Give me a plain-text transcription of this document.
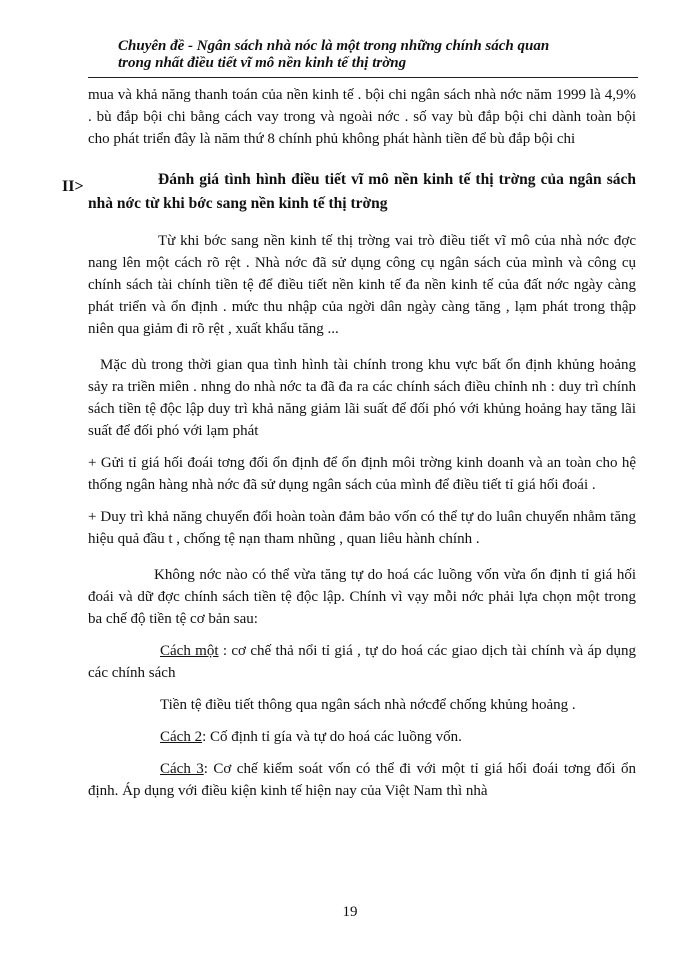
Chuyên đề - Ngân sách nhà nóc là một trong những chính sách quan
trong nhất điều tiết vĩ mô nền kinh tế thị trờng
II>

mua và khả năng thanh toán của nền kinh tế . bội chi ngân sách nhà nớc năm 1999 là 4,9% . bù đắp bội chi bằng cách vay trong và ngoài nớc . số vay bù đắp bội chi dành toàn bội cho phát triển đây là năm thứ 8 chính phủ không phát hành tiền để bù đắp bội chi

Đánh giá tình hình điều tiết vĩ mô nền kinh tế thị trờng của ngân sách nhà nớc từ khi bớc sang nền kinh tế thị trờng

Từ khi bớc sang nền kinh tế thị trờng vai trò điều tiết vĩ mô của nhà nớc đợc nang lên một cách rõ rệt . Nhà nớc đã sử dụng công cụ ngân sách của mình và công cụ chính sách tài chính tiền tệ để điều tiết nền kinh tế đa nền kinh tế của đất nớc ngày càng phát triển và ổn định . mức thu nhập của ngời dân ngày càng tăng , lạm phát trong thập niên qua giảm đi rõ rệt , xuất khẩu tăng ...

Mặc dù trong thời gian qua tình hình tài chính trong khu vực bất ổn định khủng hoảng sảy ra triền miên . nhng do nhà nớc ta đã đa ra các chính sách điều chỉnh nh : duy trì chính sách tiền tệ độc lập duy trì khả năng giảm lãi suất để đối phó với khủng hoảng hay tăng lãi suất để đối phó với lạm phát

+ Gửi tỉ giá hối đoái tơng đối ổn định để ổn định môi trờng kinh doanh và an toàn cho hệ thống ngân hàng nhà nớc đã sử dụng ngân sách của mình để điều tiết tỉ giá hối đoái .

+ Duy trì khả năng chuyển đổi hoàn toàn đảm bảo vốn có thể tự do luân chuyển nhằm tăng hiệu quả đầu t , chống tệ nạn tham nhũng , quan liêu hành chính .

Không nớc nào có thể vừa tăng tự do hoá các luồng vốn vừa ổn định tỉ giá hối đoái và dữ đợc chính sách tiền tệ độc lập. Chính vì vạy mỗi nớc phải lựa chọn một trong ba chế độ tiền tệ cơ bản sau:

Cách một : cơ chế thả nổi tỉ giá , tự do hoá các giao dịch tài chính và áp dụng các chính sách

Tiền tệ điều tiết thông qua ngân sách nhà nớcđể chống khủng hoảng .

Cách 2: Cố định tỉ gía và tự do hoá các luồng vốn.

Cách 3: Cơ chế kiểm soát vốn có thể đi với một tỉ giá hối đoái tơng đối ổn định. Áp dụng với điều kiện kinh tế hiện nay của Việt Nam thì nhà

19
